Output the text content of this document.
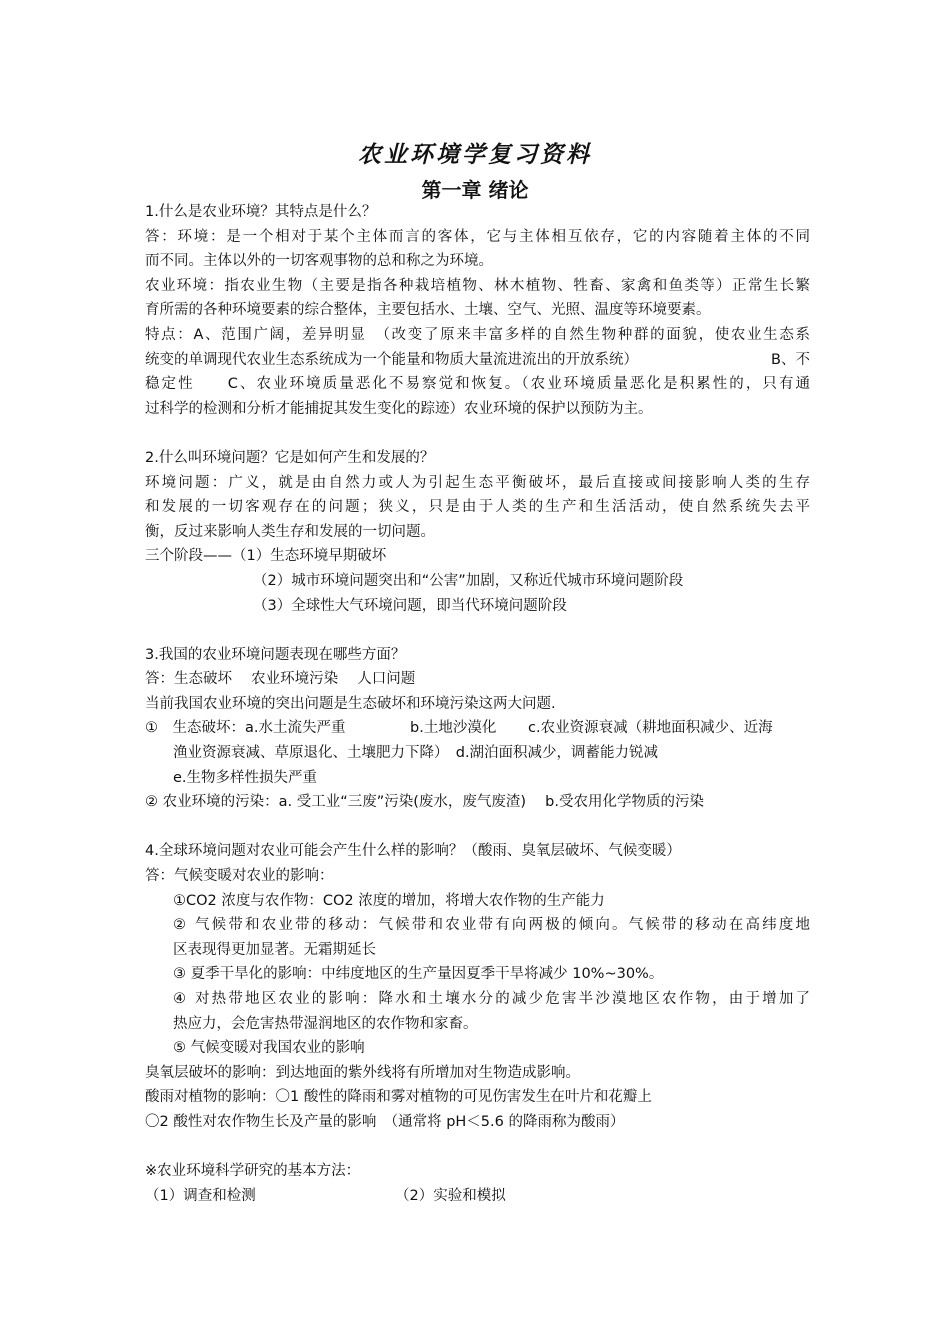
农业环境学复习资料
第一章 绪论
1.什么是农业环境？其特点是什么？
答：环境：是一个相对于某个主体而言的客体，它与主体相互依存，它的内容随着主体的不同
而不同。主体以外的一切客观事物的总和称之为环境。
农业环境：指农业生物（主要是指各种栽培植物、林木植物、牲畜、家禽和鱼类等）正常生长繁
育所需的各种环境要素的综合整体，主要包括水、土壤、空气、光照、温度等环境要素。
特点：A、范围广阔，差异明显　（改变了原来丰富多样的自然生物种群的面貌，使农业生态系
统变的单调现代农业生态系统成为一个能量和物质大量流进流出的开放系统）	B、不
稳定性　　C、农业环境质量恶化不易察觉和恢复。（农业环境质量恶化是积累性的，只有通
过科学的检测和分析才能捕捉其发生变化的踪迹）农业环境的保护以预防为主。
2.什么叫环境问题？它是如何产生和发展的？
环境问题：广义，就是由自然力或人为引起生态平衡破坏，最后直接或间接影响人类的生存
和发展的一切客观存在的问题；狭义，只是由于人类的生产和生活活动，使自然系统失去平
衡，反过来影响人类生存和发展的一切问题。
三个阶段——（1）生态环境早期破坏
（2）城市环境问题突出和“公害”加剧，又称近代城市环境问题阶段
（3）全球性大气环境问题，即当代环境问题阶段
3.我国的农业环境问题表现在哪些方面？
答：生态破坏　 农业环境污染　 人口问题
当前我国农业环境的突出问题是生态破坏和环境污染这两大问题.
①　生态破坏：a.水土流失严重	b.土地沙漠化 c.农业资源衰减（耕地面积减少、近海
渔业资源衰减、草原退化、土壤肥力下降）　d.湖泊面积减少，调蓄能力锐减
e.生物多样性损失严重
② 农业环境的污染：a. 受工业“三废”污染(废水，废气废渣)　 b.受农用化学物质的污染
4.全球环境问题对农业可能会产生什么样的影响？（酸雨、臭氧层破坏、气候变暖）
答：气候变暖对农业的影响：
①CO2 浓度与农作物：CO2 浓度的增加，将增大农作物的生产能力
② 气候带和农业带的移动：气候带和农业带有向两极的倾向。气候带的移动在高纬度地
区表现得更加显著。无霜期延长
③ 夏季干旱化的影响：中纬度地区的生产量因夏季干旱将减少 10%~30%。
④ 对热带地区农业的影响：降水和土壤水分的减少危害半沙漠地区农作物，由于增加了
热应力，会危害热带湿润地区的农作物和家畜。
⑤ 气候变暖对我国农业的影响
臭氧层破坏的影响：到达地面的紫外线将有所增加对生物造成影响。
酸雨对植物的影响：〇1 酸性的降雨和雾对植物的可见伤害发生在叶片和花瓣上
〇2 酸性对农作物生长及产量的影响　（通常将 pH＜5.6 的降雨称为酸雨）
※农业环境科学研究的基本方法：
（1）调查和检测	（2）实验和模拟
